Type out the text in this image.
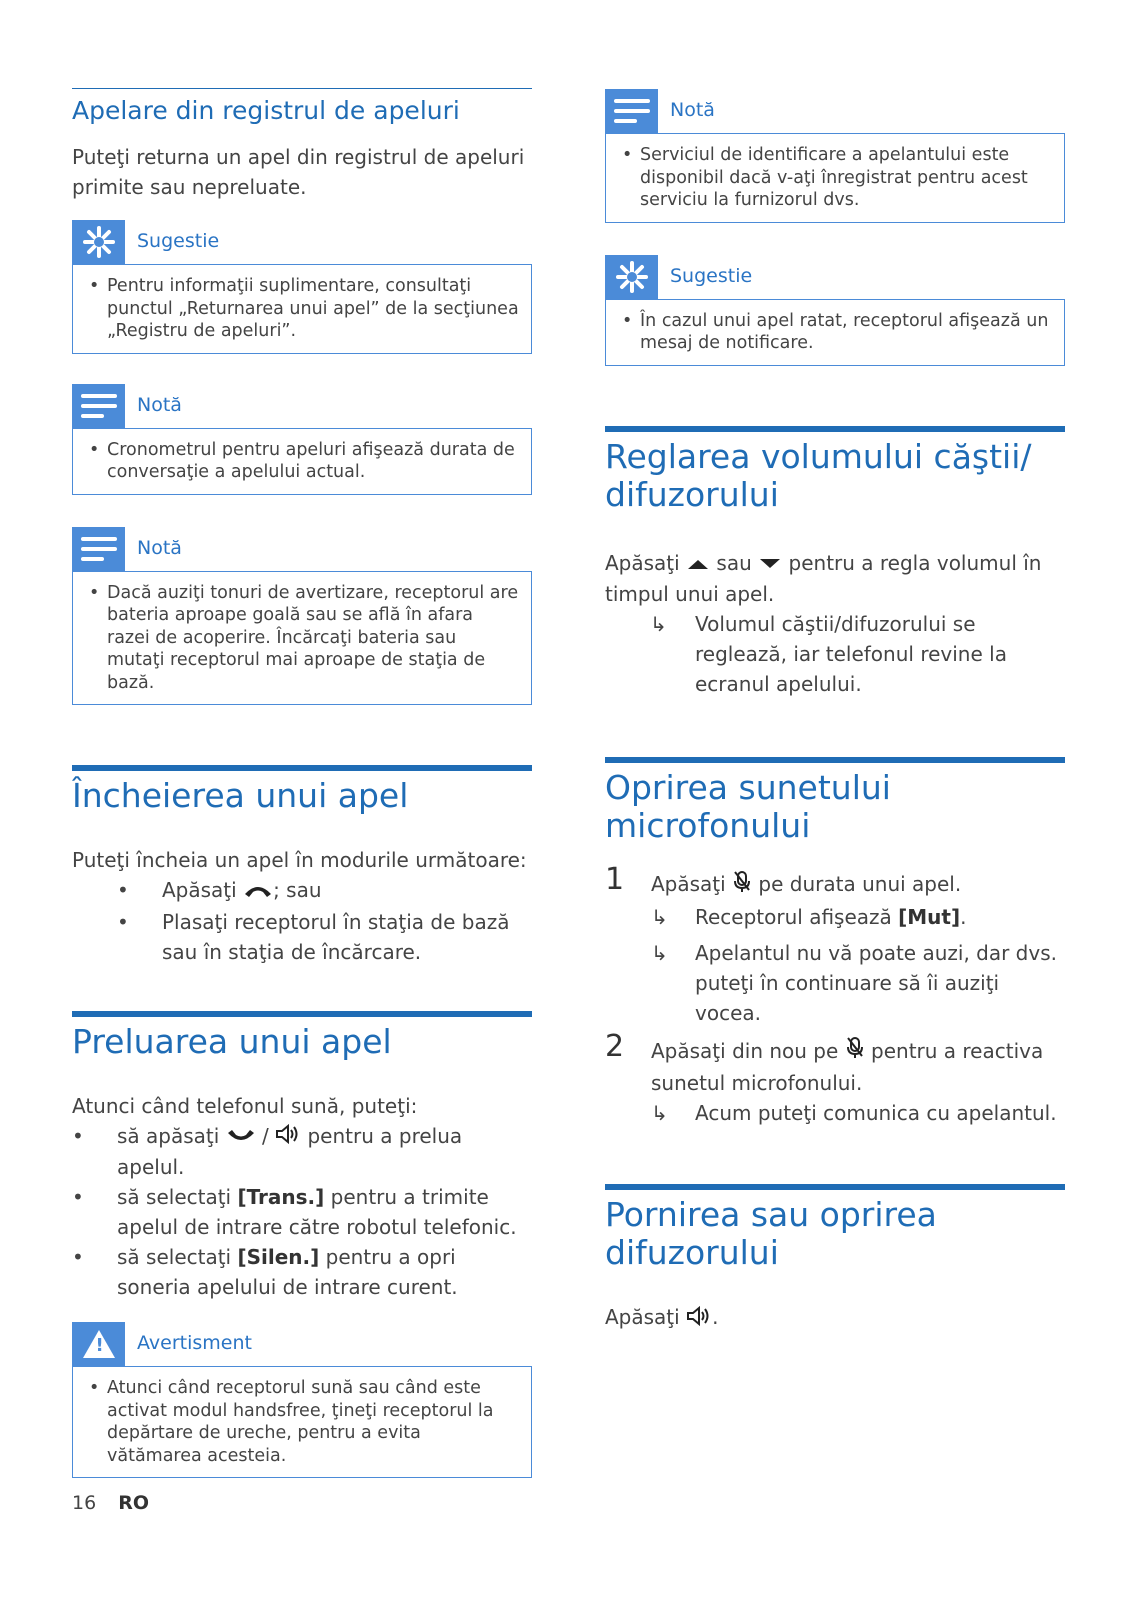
Apelare din registrul de apeluri

Puteţi returna un apel din registrul de apeluri primite sau nepreluate.

Sugestie
• Pentru informaţii suplimentare, consultaţi punctul „Returnarea unui apel” de la secţiunea „Registru de apeluri”.
Notă
• Cronometrul pentru apeluri afişează durata de conversaţie a apelului actual.
Notă
• Dacă auziţi tonuri de avertizare, receptorul are bateria aproape goală sau se află în afara razei de acoperire. Încărcaţi bateria sau mutaţi receptorul mai aproape de staţia de bază.
Încheierea unui apel

Puteţi încheia un apel în modurile următoare:

• Apăsaţi ; sau
• Plasaţi receptorul în staţia de bază sau în staţia de încărcare.
Preluarea unui apel

Atunci când telefonul sună, puteţi:

• să apăsaţi  /  pentru a prelua apelul.
• să selectaţi [Trans.] pentru a trimite apelul de intrare către robotul telefonic.
• să selectaţi [Silen.] pentru a opri soneria apelului de intrare curent.
! Avertisment
• Atunci când receptorul sună sau când este activat modul handsfree, ţineţi receptorul la depărtare de ureche, pentru a evita vătămarea acesteia.
Notă
• Serviciul de identificare a apelantului este disponibil dacă v-aţi înregistrat pentru acest serviciu la furnizorul dvs.
Sugestie
• În cazul unui apel ratat, receptorul afişează un mesaj de notificare.
Reglarea volumului căştii/ difuzorului

Apăsaţi  sau  pentru a regla volumul în timpul unui apel.

↳ Volumul căştii/difuzorului se reglează, iar telefonul revine la ecranul apelului.
Oprirea sunetului microfonului
1 Apăsaţi  pe durata unui apel.
↳ Receptorul afişează [Mut].
↳ Apelantul nu vă poate auzi, dar dvs. puteţi în continuare să îi auziţi vocea.
2 Apăsaţi din nou pe  pentru a reactiva sunetul microfonului.
↳ Acum puteţi comunica cu apelantul.
Pornirea sau oprirea difuzorului

Apăsaţi .

16 RO
